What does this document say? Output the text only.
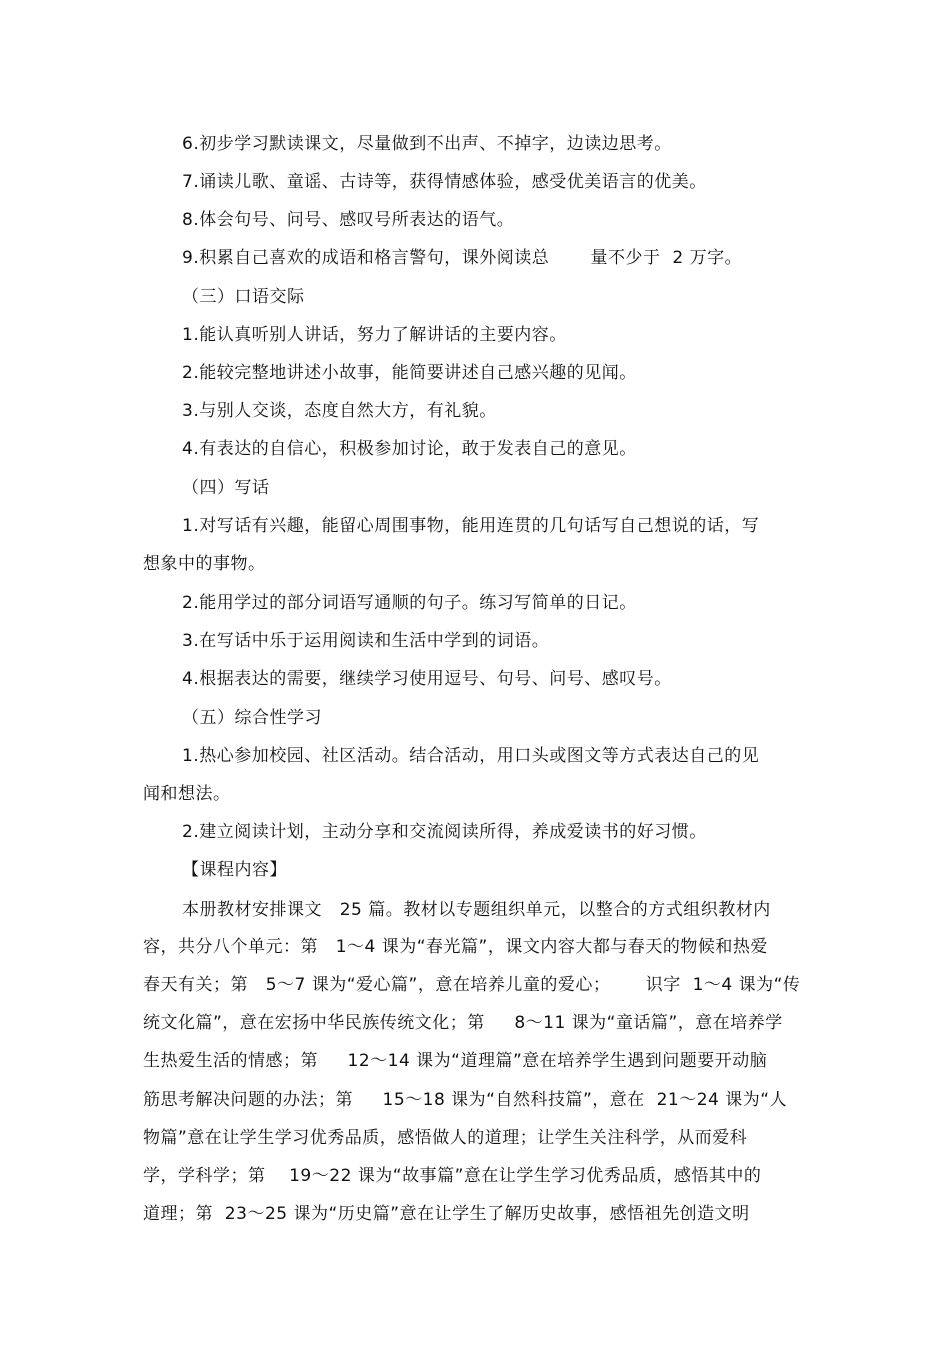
6.初步学习默读课文，尽量做到不出声、不掉字，边读边思考。
7.诵读儿歌、童谣、古诗等，获得情感体验，感受优美语言的优美。
8.体会句号、问号、感叹号所表达的语气。
9.积累自己喜欢的成语和格言警句，课外阅读总       量不少于  2 万字。
（三）口语交际
1.能认真听别人讲话，努力了解讲话的主要内容。
2.能较完整地讲述小故事，能简要讲述自己感兴趣的见闻。
3.与别人交谈，态度自然大方，有礼貌。
4.有表达的自信心，积极参加讨论，敢于发表自己的意见。
（四）写话
1.对写话有兴趣，能留心周围事物，能用连贯的几句话写自己想说的话，写
想象中的事物。
2.能用学过的部分词语写通顺的句子。练习写简单的日记。
3.在写话中乐于运用阅读和生活中学到的词语。
4.根据表达的需要，继续学习使用逗号、句号、问号、感叹号。
（五）综合性学习
1.热心参加校园、社区活动。结合活动，用口头或图文等方式表达自己的见
闻和想法。
2.建立阅读计划，主动分享和交流阅读所得，养成爱读书的好习惯。
【课程内容】
本册教材安排课文   25 篇。教材以专题组织单元，以整合的方式组织教材内
容，共分八个单元：第   1～4 课为“春光篇”，课文内容大都与春天的物候和热爱
春天有关；第   5～7 课为“爱心篇”，意在培养儿童的爱心；      识字  1～4 课为“传
统文化篇”，意在宏扬中华民族传统文化；第     8～11 课为“童话篇”，意在培养学
生热爱生活的情感；第     12～14 课为“道理篇”意在培养学生遇到问题要开动脑
筋思考解决问题的办法；第     15～18 课为“自然科技篇”，意在  21～24 课为“人
物篇”意在让学生学习优秀品质，感悟做人的道理；让学生关注科学，从而爱科
学，学科学；第    19～22 课为“故事篇”意在让学生学习优秀品质，感悟其中的
道理；第  23～25 课为“历史篇”意在让学生了解历史故事，感悟祖先创造文明
